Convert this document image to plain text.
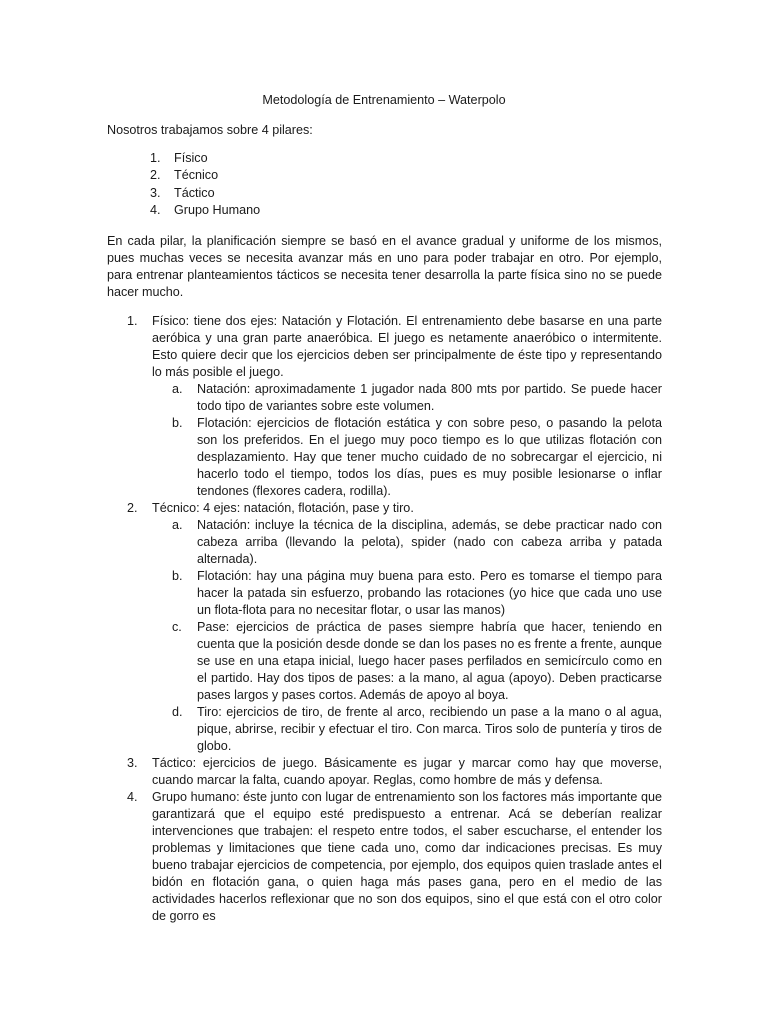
Metodología de Entrenamiento – Waterpolo
Nosotros trabajamos sobre 4 pilares:
1. Físico
2. Técnico
3. Táctico
4. Grupo Humano
En cada pilar, la planificación siempre se basó en el avance gradual y uniforme de los mismos, pues muchas veces se necesita avanzar más en uno para poder trabajar en otro. Por ejemplo, para entrenar planteamientos tácticos se necesita tener desarrolla la parte física sino no se puede hacer mucho.
1. Físico: tiene dos ejes: Natación y Flotación. El entrenamiento debe basarse en una parte aeróbica y una gran parte anaeróbica. El juego es netamente anaeróbico o intermitente. Esto quiere decir que los ejercicios deben ser principalmente de éste tipo y representando lo más posible el juego.
a. Natación: aproximadamente 1 jugador nada 800 mts por partido. Se puede hacer todo tipo de variantes sobre este volumen.
b. Flotación: ejercicios de flotación estática y con sobre peso, o pasando la pelota son los preferidos. En el juego muy poco tiempo es lo que utilizas flotación con desplazamiento. Hay que tener mucho cuidado de no sobrecargar el ejercicio, ni hacerlo todo el tiempo, todos los días, pues es muy posible lesionarse o inflar tendones (flexores cadera, rodilla).
2. Técnico: 4 ejes: natación, flotación, pase y tiro.
a. Natación: incluye la técnica de la disciplina, además, se debe practicar nado con cabeza arriba (llevando la pelota), spider (nado con cabeza arriba y patada alternada).
b. Flotación: hay una página muy buena para esto. Pero es tomarse el tiempo para hacer la patada sin esfuerzo, probando las rotaciones (yo hice que cada uno use un flota-flota para no necesitar flotar, o usar las manos)
c. Pase: ejercicios de práctica de pases siempre habría que hacer, teniendo en cuenta que la posición desde donde se dan los pases no es frente a frente, aunque se use en una etapa inicial, luego hacer pases perfilados en semicírculo como en el partido. Hay dos tipos de pases: a la mano, al agua (apoyo). Deben practicarse pases largos y pases cortos. Además de apoyo al boya.
d. Tiro: ejercicios de tiro, de frente al arco, recibiendo un pase a la mano o al agua, pique, abrirse, recibir y efectuar el tiro. Con marca. Tiros solo de puntería y tiros de globo.
3. Táctico: ejercicios de juego. Básicamente es jugar y marcar como hay que moverse, cuando marcar la falta, cuando apoyar. Reglas, como hombre de más y defensa.
4. Grupo humano: éste junto con lugar de entrenamiento son los factores más importante que garantizará que el equipo esté predispuesto a entrenar. Acá se deberían realizar intervenciones que trabajen: el respeto entre todos, el saber escucharse, el entender los problemas y limitaciones que tiene cada uno, como dar indicaciones precisas. Es muy bueno trabajar ejercicios de competencia, por ejemplo, dos equipos quien traslade antes el bidón en flotación gana, o quien haga más pases gana, pero en el medio de las actividades hacerlos reflexionar que no son dos equipos, sino el que está con el otro color de gorro es
